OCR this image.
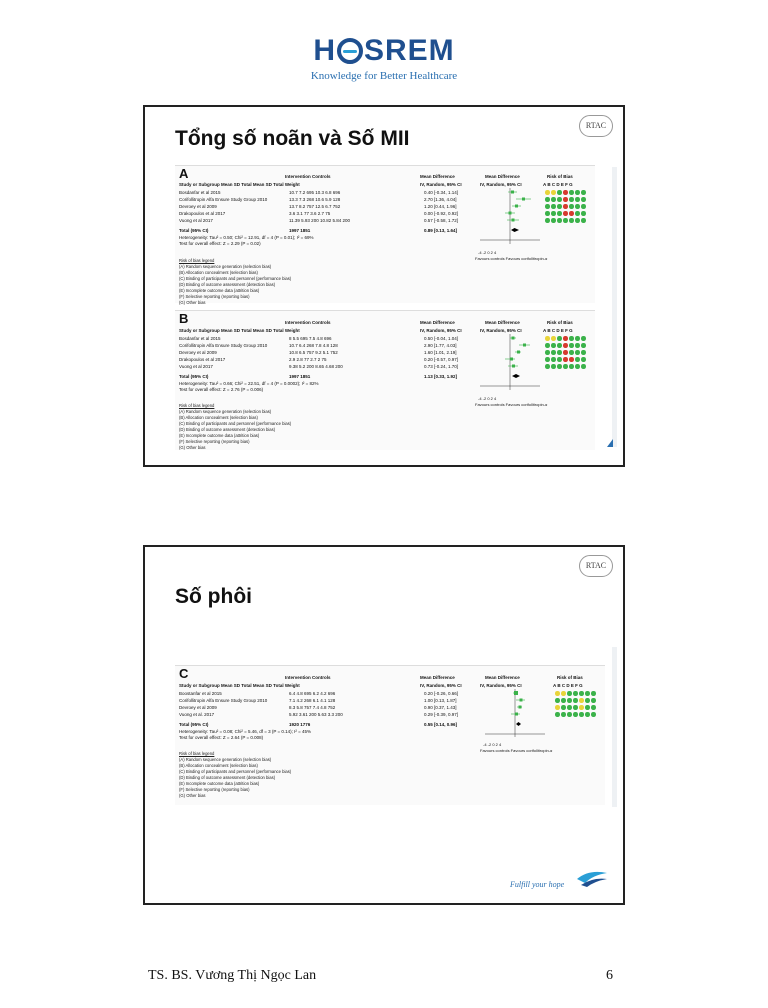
H SREM
Knowledge for Better Healthcare
Tổng số noãn và Số MII
RTAC
A	Intervention Controls
Study or Subgroup Mean SD Total Mean SD Total Weight
Mean Difference
IV, Random, 95% CI
Mean Difference
IV, Random, 95% CI
Risk of Bias
A B C D E F G
Bosdanfar et al 2015	10.7 7.2 695 10.3 6.8 696	0.40 [-0.34, 1.14]
Corifollitropin Alfa Ensure Study Group 2010	13.3 7.3 268 10.6 5.9 128	2.70 [1.36, 4.04]
Devroey et al 2009	13.7 8.2 757 12.5 6.7 752	1.20 [0.44, 1.96]
Drakopoulos et al 2017	3.6 3.1 77 3.6 2.7 75	0.00 [-0.92, 0.92]
Vuong et al 2017	11.39 5.93 200 10.82 5.84 200	0.57 [-0.58, 1.72]
Total (95% CI)	1997 1851	0.89 [0.13, 1.64]
Heterogeneity: Tau² = 0.50; Chi² = 12.91, df = 4 (P = 0.01); I² = 69%
Test for overall effect: Z = 2.29 (P = 0.02)
-4 -2 0 2 4
Favours controls Favours corifollitropin-α
Risk of bias legend
(A) Random sequence generation (selection bias)
(B) Allocation concealment (selection bias)
(C) Binding of participants and personnel (performance bias)
(D) Binding of outcome assessment (detection bias)
(E) Incomplete outcome data (attrition bias)
(F) Selective reporting (reporting bias)
(G) Other bias
B	Intervention Controls
Study or Subgroup Mean SD Total Mean SD Total Weight
Mean Difference
IV, Random, 95% CI
Mean Difference
IV, Random, 95% CI
Risk of Bias
A B C D E F G
Bosdanfar et al 2015	8 5.5 695 7.5 4.8 696	0.50 [-0.04, 1.04]
Corifollitropin Alfa Ensure Study Group 2010	10.7 6.4 268 7.8 4.8 128	2.90 [1.77, 4.03]
Devroey et al 2009	10.8 6.5 757 9.2 5.1 752	1.60 [1.01, 2.19]
Drakopoulos et al 2017	2.9 2.8 77 2.7 2 75	0.20 [-0.57, 0.97]
Vuong et al 2017	9.38 5.2 200 8.65 4.68 200	0.73 [-0.24, 1.70]
Total (95% CI)	1997 1851	1.13 [0.33, 1.92]
Heterogeneity: Tau² = 0.66; Chi² = 22.51, df = 4 (P = 0.0002); I² = 82%
Test for overall effect: Z = 2.76 (P = 0.006)
-4 -2 0 2 4
Favours controls Favours corifollitropin-α
Risk of bias legend
(A) Random sequence generation (selection bias)
(B) Allocation concealment (selection bias)
(C) Binding of participants and personnel (performance bias)
(D) Binding of outcome assessment (detection bias)
(E) Incomplete outcome data (attrition bias)
(F) Selective reporting (reporting bias)
(G) Other bias
Số phôi
RTAC
C	Intervention Controls
Study or Subgroup Mean SD Total Mean SD Total Weight
Mean Difference
IV, Random, 95% CI
Mean Difference
IV, Random, 95% CI
Risk of Bias
A B C D E F G
Boostanfar et al 2015	6.4 4.8 695 6.2 4.2 696	0.20 [-0.26, 0.66]
Corifollitropin Alfa Ensure Study Group 2010	7.1 4.2 268 6.1 4.1 128	1.00 [0.13, 1.87]
Devroey et al 2009	8.3 5.8 757 7.4 4.8 752	0.90 [0.37, 1.43]
Vuong et al. 2017	5.92 3.61 200 5.63 3.3 200	0.29 [-0.39, 0.97]
Total (95% CI)	1920 1776	0.55 [0.14, 0.96]
Heterogeneity: Tau² = 0.08; Chi² = 5.46, df = 3 (P = 0.14); I² = 45%
Test for overall effect: Z = 2.64 (P = 0.008)
-4 -2 0 2 4
Favours controls Favours corifollitropin-α
Risk of bias legend
(A) Random sequence generation (selection bias)
(B) Allocation concealment (selection bias)
(C) Binding of participants and personnel (performance bias)
(D) Binding of outcome assessment (detection bias)
(E) Incomplete outcome data (attrition bias)
(F) Selective reporting (reporting bias)
(G) Other bias
Fulfill your hope
TS. BS. Vương Thị Ngọc Lan	6
